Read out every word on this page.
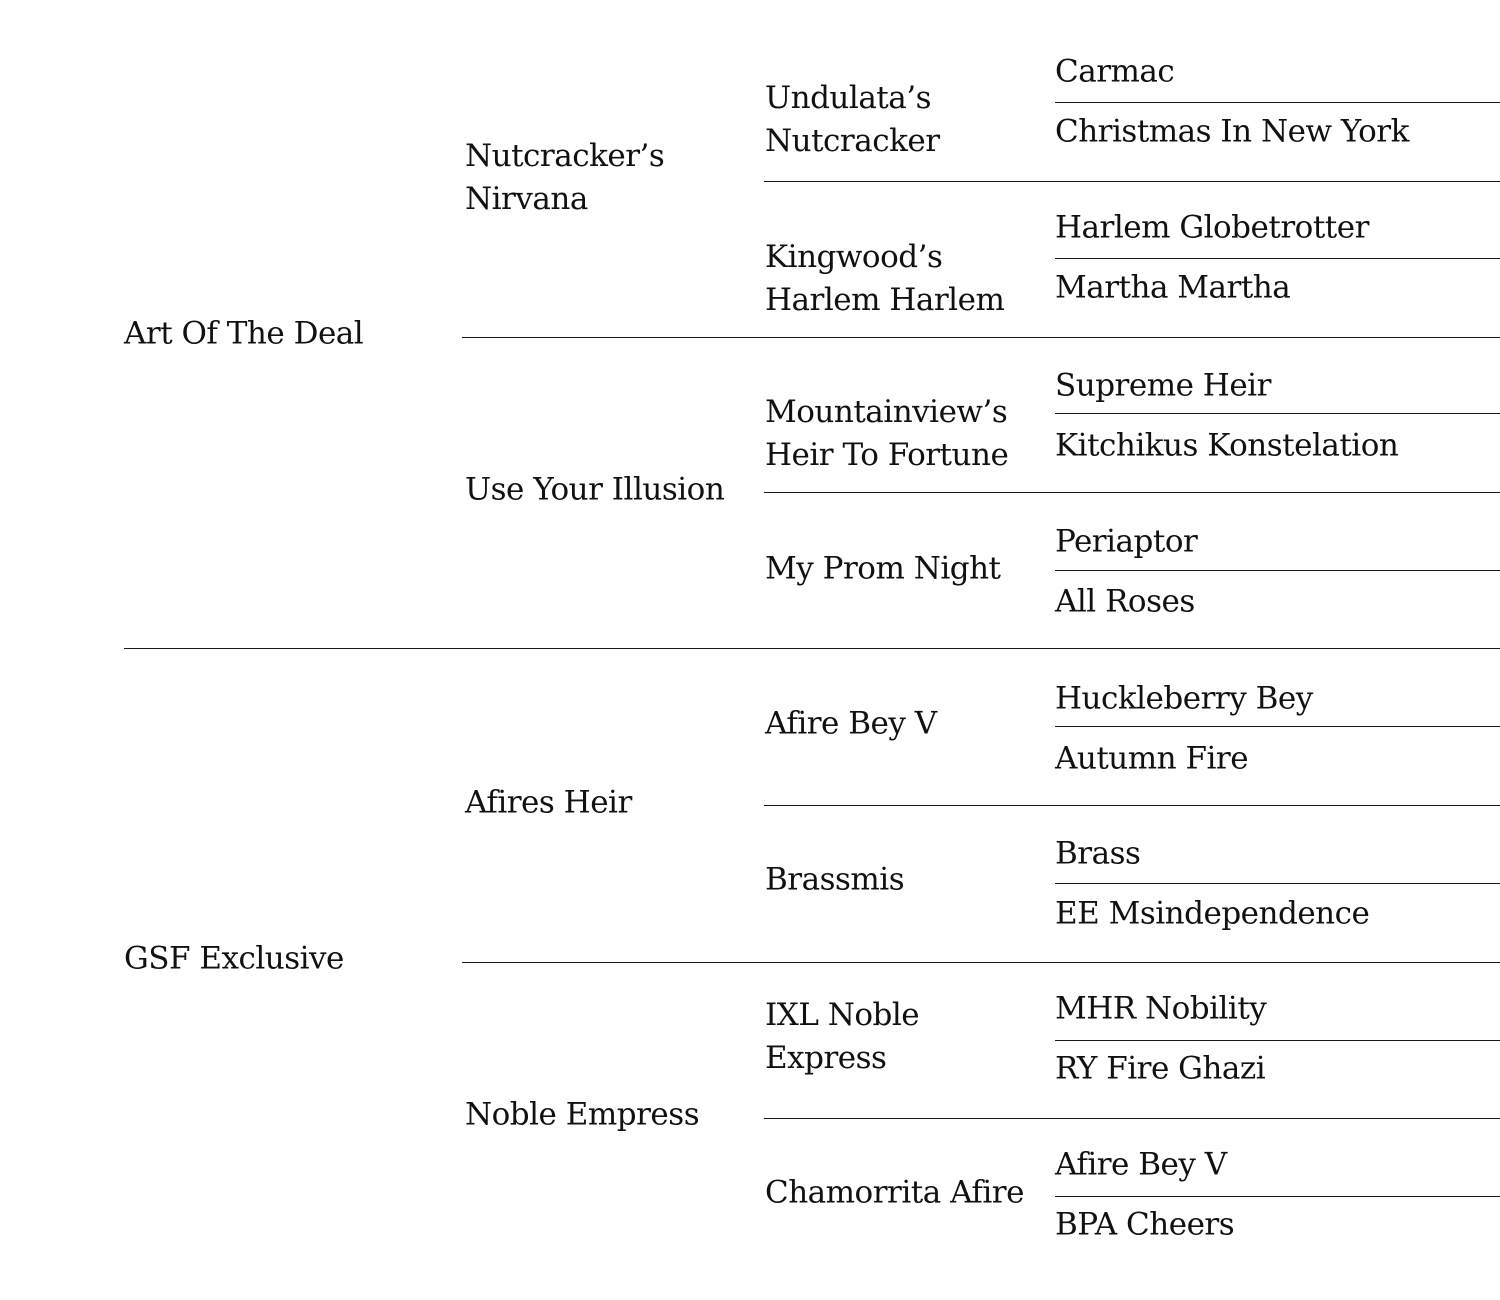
Art Of The Deal
GSF Exclusive
Nutcracker’s Nirvana
Use Your Illusion
Afires Heir
Noble Empress
Undulata’s Nutcracker
Kingwood’s Harlem Harlem
Mountainview’s Heir To Fortune
My Prom Night
Afire Bey V
Brassmis
IXL Noble Express
Chamorrita Afire
Carmac
Christmas In New York
Harlem Globetrotter
Martha Martha
Supreme Heir
Kitchikus Konstelation
Periaptor
All Roses
Huckleberry Bey
Autumn Fire
Brass
EE Msindependence
MHR Nobility
RY Fire Ghazi
Afire Bey V
BPA Cheers
